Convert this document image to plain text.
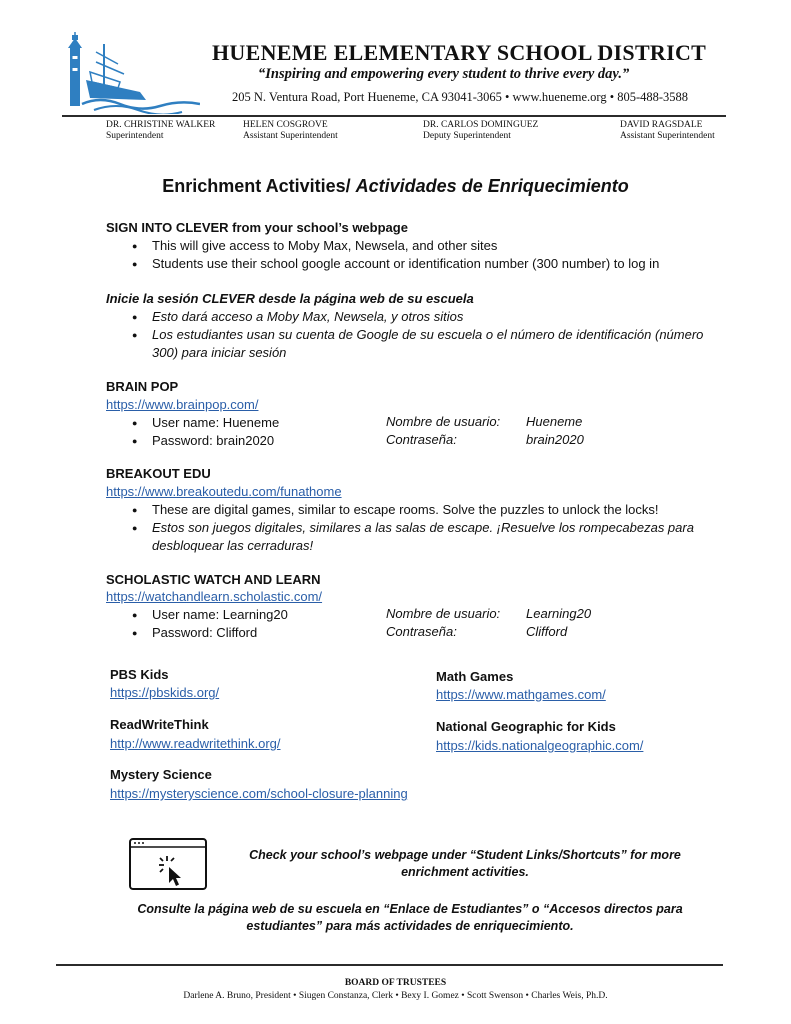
HUENEME ELEMENTARY SCHOOL DISTRICT
“Inspiring and empowering every student to thrive every day.”
205 N. Ventura Road, Port Hueneme, CA 93041-3065 • www.hueneme.org • 805-488-3588
DR. CHRISTINE WALKER
Superintendent
HELEN COSGROVE
Assistant Superintendent
DR. CARLOS DOMINGUEZ
Deputy Superintendent
DAVID RAGSDALE
Assistant Superintendent
Enrichment Activities/ Actividades de Enriquecimiento
SIGN INTO CLEVER from your school’s webpage
● This will give access to Moby Max, Newsela, and other sites
● Students use their school google account or identification number (300 number) to log in
Inicie la sesión CLEVER desde la página web de su escuela
● Esto dará acceso a Moby Max, Newsela, y otros sitios
● Los estudiantes usan su cuenta de Google de su escuela o el número de identificación (número
300) para iniciar sesión
BRAIN POP
https://www.brainpop.com/
● User name: Hueneme
● Password: brain2020
Nombre de usuario:
Contraseña:
Hueneme
brain2020
BREAKOUT EDU
https://www.breakoutedu.com/funathome
● These are digital games, similar to escape rooms. Solve the puzzles to unlock the locks!
● Estos son juegos digitales, similares a las salas de escape. ¡Resuelve los rompecabezas para
desbloquear las cerraduras!
SCHOLASTIC WATCH AND LEARN
https://watchandlearn.scholastic.com/
● User name: Learning20
● Password: Clifford
Nombre de usuario:
Contraseña:
Learning20
Clifford
PBS Kids
https://pbskids.org/
ReadWriteThink
http://www.readwritethink.org/
Mystery Science
https://mysteryscience.com/school-closure-planning
Math Games
https://www.mathgames.com/
National Geographic for Kids
https://kids.nationalgeographic.com/
Check your school’s webpage under “Student Links/Shortcuts” for more
enrichment activities.
Consulte la página web de su escuela en “Enlace de Estudiantes” o “Accesos directos para
estudiantes” para más actividades de enriquecimiento.
BOARD OF TRUSTEES
Darlene A. Bruno, President • Siugen Constanza, Clerk • Bexy I. Gomez • Scott Swenson • Charles Weis, Ph.D.
